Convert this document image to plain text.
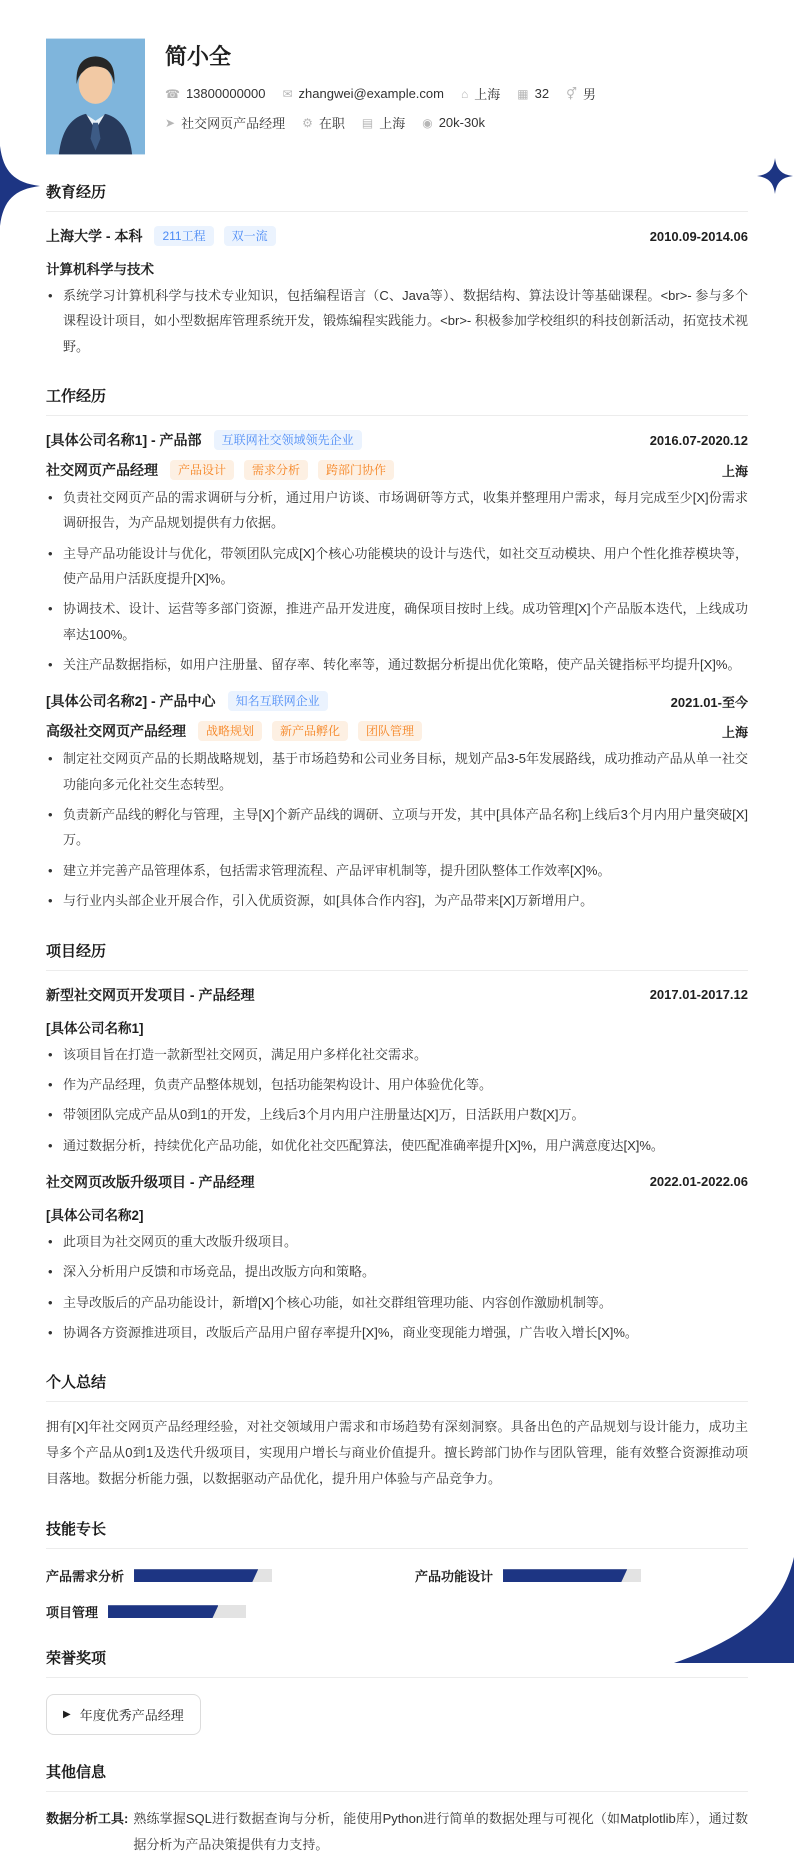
简小全
☎ 13800000000 ✉ zhangwei@example.com ⌂ 上海 ▦ 32 ⚥ 男
➤ 社交网页产品经理 ⚙ 在职 ▤ 上海 ◉ 20k-30k
教育经历
上海大学 - 本科	211工程	双一流	2010.09-2014.06
计算机科学与技术
• 系统学习计算机科学与技术专业知识，包括编程语言（C、Java等）、数据结构、算法设计等基础课程。<br>- 参与多个课程设计项目，如小型数据库管理系统开发，锻炼编程实践能力。<br>- 积极参加学校组织的科技创新活动，拓宽技术视野。
工作经历
[具体公司名称1] - 产品部	互联网社交领域领先企业	2016.07-2020.12
社交网页产品经理	产品设计	需求分析	跨部门协作	上海
• 负责社交网页产品的需求调研与分析，通过用户访谈、市场调研等方式，收集并整理用户需求，每月完成至少[X]份需求调研报告，为产品规划提供有力依据。
• 主导产品功能设计与优化，带领团队完成[X]个核心功能模块的设计与迭代，如社交互动模块、用户个性化推荐模块等，使产品用户活跃度提升[X]%。
• 协调技术、设计、运营等多部门资源，推进产品开发进度，确保项目按时上线。成功管理[X]个产品版本迭代，上线成功率达100%。
• 关注产品数据指标，如用户注册量、留存率、转化率等，通过数据分析提出优化策略，使产品关键指标平均提升[X]%。
[具体公司名称2] - 产品中心	知名互联网企业	2021.01-至今
高级社交网页产品经理	战略规划	新产品孵化	团队管理	上海
• 制定社交网页产品的长期战略规划，基于市场趋势和公司业务目标，规划产品3-5年发展路线，成功推动产品从单一社交功能向多元化社交生态转型。
• 负责新产品线的孵化与管理，主导[X]个新产品线的调研、立项与开发，其中[具体产品名称]上线后3个月内用户量突破[X]万。
• 建立并完善产品管理体系，包括需求管理流程、产品评审机制等，提升团队整体工作效率[X]%。
• 与行业内头部企业开展合作，引入优质资源，如[具体合作内容]，为产品带来[X]万新增用户。
项目经历
新型社交网页开发项目 - 产品经理	2017.01-2017.12
[具体公司名称1]
• 该项目旨在打造一款新型社交网页，满足用户多样化社交需求。
• 作为产品经理，负责产品整体规划，包括功能架构设计、用户体验优化等。
• 带领团队完成产品从0到1的开发，上线后3个月内用户注册量达[X]万，日活跃用户数[X]万。
• 通过数据分析，持续优化产品功能，如优化社交匹配算法，使匹配准确率提升[X]%，用户满意度达[X]%。
社交网页改版升级项目 - 产品经理	2022.01-2022.06
[具体公司名称2]
• 此项目为社交网页的重大改版升级项目。
• 深入分析用户反馈和市场竞品，提出改版方向和策略。
• 主导改版后的产品功能设计，新增[X]个核心功能，如社交群组管理功能、内容创作激励机制等。
• 协调各方资源推进项目，改版后产品用户留存率提升[X]%，商业变现能力增强，广告收入增长[X]%。
个人总结
拥有[X]年社交网页产品经理经验，对社交领域用户需求和市场趋势有深刻洞察。具备出色的产品规划与设计能力，成功主导多个产品从0到1及迭代升级项目，实现用户增长与商业价值提升。擅长跨部门协作与团队管理，能有效整合资源推动项目落地。数据分析能力强，以数据驱动产品优化，提升用户体验与产品竞争力。
技能专长
产品需求分析	产品功能设计
项目管理
荣誉奖项
▶ 年度优秀产品经理
其他信息
数据分析工具: 熟练掌握SQL进行数据查询与分析，能使用Python进行简单的数据处理与可视化（如Matplotlib库），通过数据分析为产品决策提供有力支持。
